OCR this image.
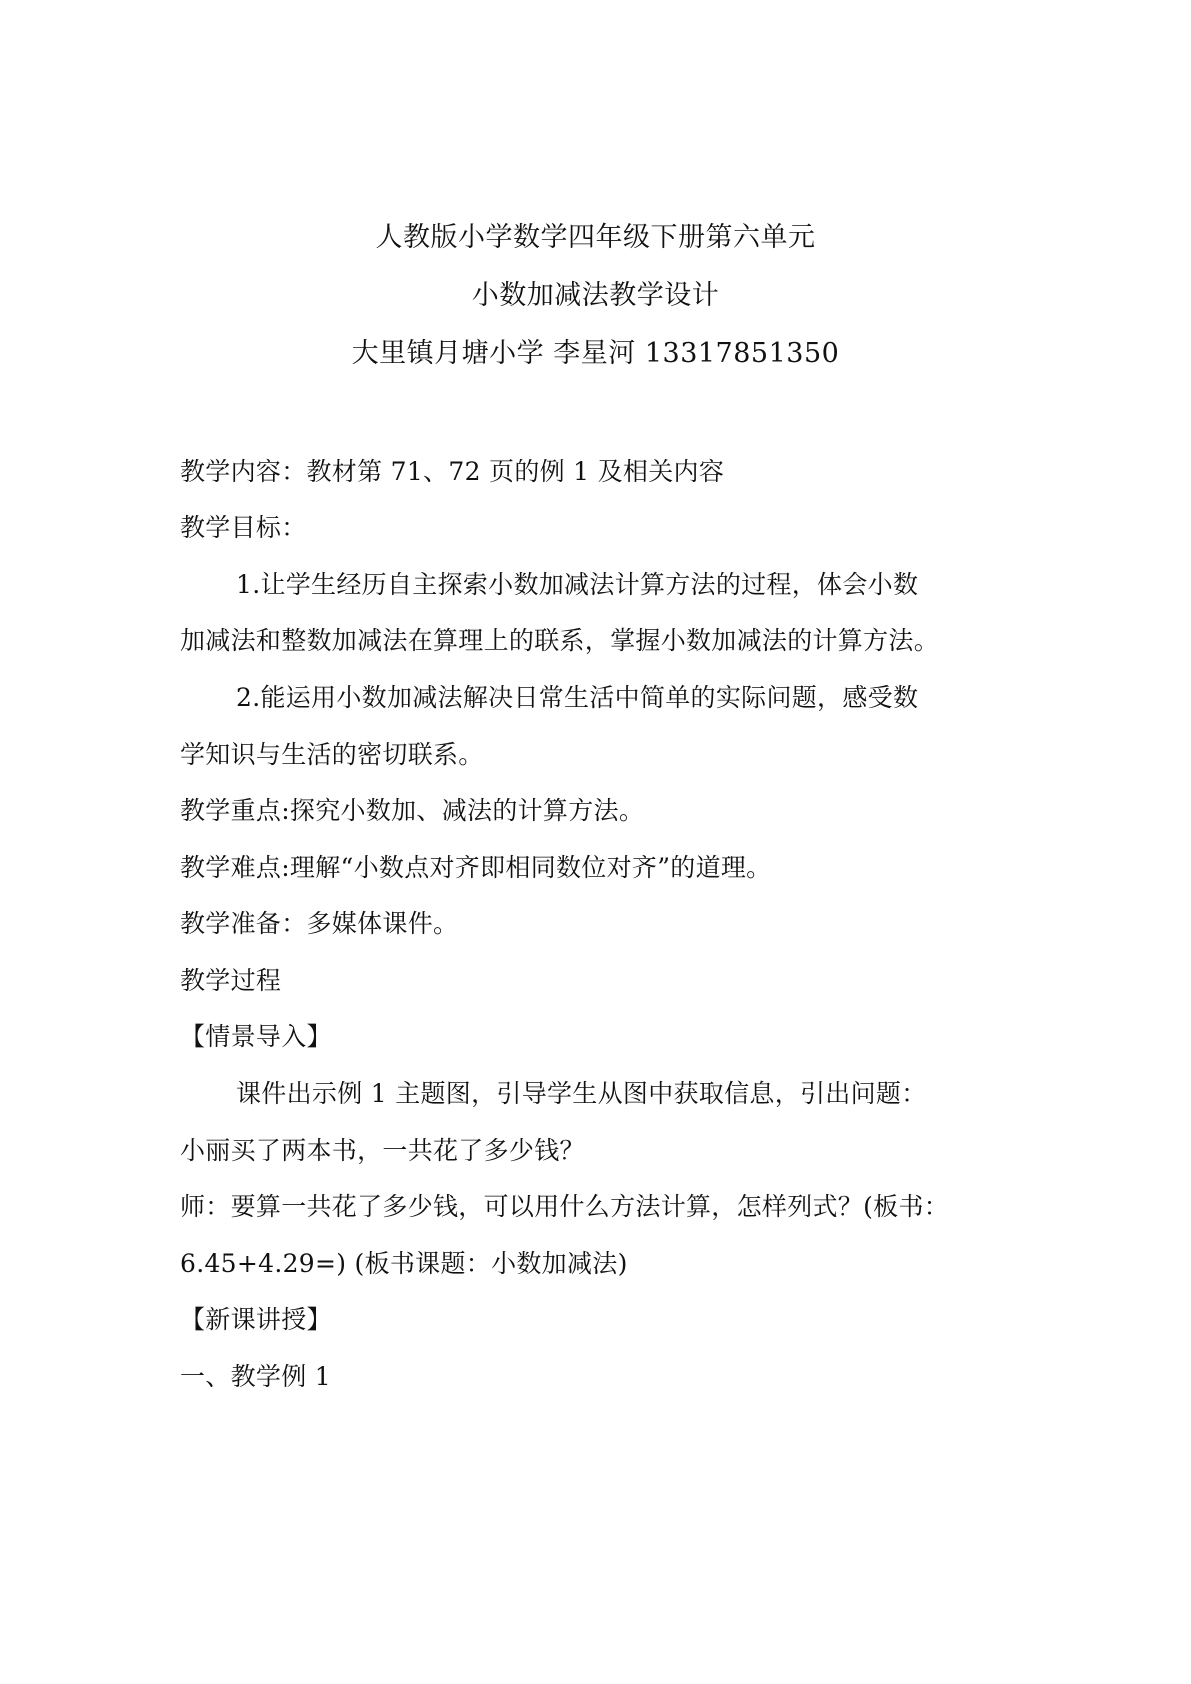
人教版小学数学四年级下册第六单元
小数加减法教学设计
大里镇月塘小学 李星河 13317851350
教学内容：教材第 71、72 页的例 1 及相关内容
教学目标：
1.让学生经历自主探索小数加减法计算方法的过程，体会小数
加减法和整数加减法在算理上的联系，掌握小数加减法的计算方法。
2.能运用小数加减法解决日常生活中简单的实际问题，感受数
学知识与生活的密切联系。
教学重点:探究小数加、减法的计算方法。
教学难点:理解“小数点对齐即相同数位对齐”的道理。
教学准备：多媒体课件。
教学过程
【情景导入】
课件出示例 1 主题图，引导学生从图中获取信息，引出问题：
小丽买了两本书，一共花了多少钱？
师：要算一共花了多少钱，可以用什么方法计算，怎样列式？(板书：
6.45+4.29=) (板书课题：小数加减法)
【新课讲授】
一、教学例 1
